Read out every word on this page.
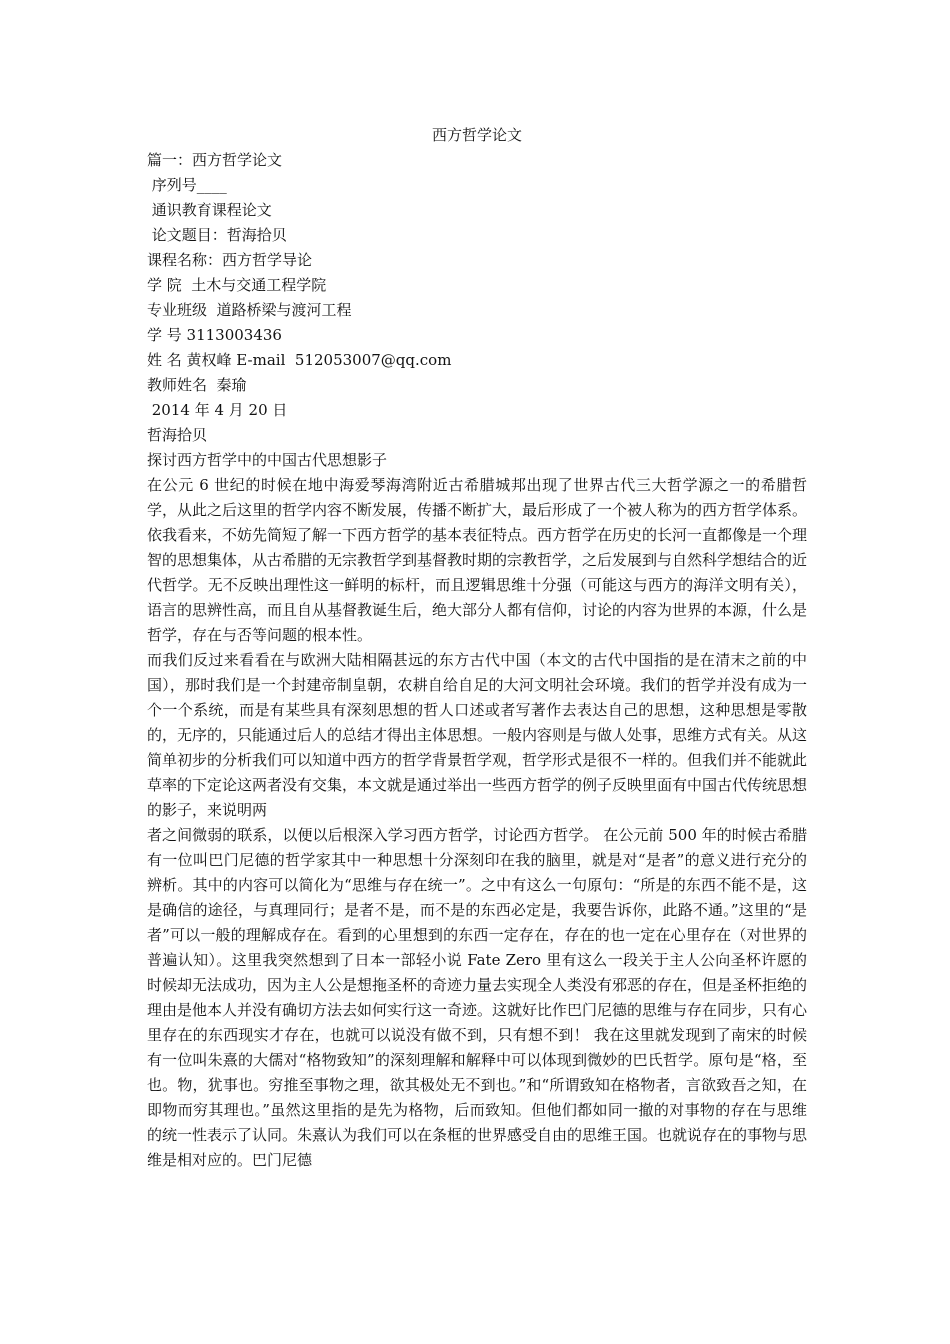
西方哲学论文
篇一：西方哲学论文
序列号____
通识教育课程论文
论文题目：哲海拾贝
课程名称：西方哲学导论
学 院  土木与交通工程学院
专业班级  道路桥梁与渡河工程
学 号 3113003436
姓 名 黄权峰 E-mail  512053007@qq.com
教师姓名  秦瑜
2014 年 4 月 20 日
哲海拾贝
探讨西方哲学中的中国古代思想影子
在公元 6 世纪的时候在地中海爱琴海湾附近古希腊城邦出现了世界古代三大哲学源之一的希腊哲学，从此之后这里的哲学内容不断发展，传播不断扩大，最后形成了一个被人称为的西方哲学体系。依我看来，不妨先简短了解一下西方哲学的基本表征特点。西方哲学在历史的长河一直都像是一个理智的思想集体，从古希腊的无宗教哲学到基督教时期的宗教哲学，之后发展到与自然科学想结合的近代哲学。无不反映出理性这一鲜明的标杆，而且逻辑思维十分强（可能这与西方的海洋文明有关），语言的思辨性高，而且自从基督教诞生后，绝大部分人都有信仰，讨论的内容为世界的本源，什么是哲学，存在与否等问题的根本性。
而我们反过来看看在与欧洲大陆相隔甚远的东方古代中国（本文的古代中国指的是在清末之前的中国），那时我们是一个封建帝制皇朝，农耕自给自足的大河文明社会环境。我们的哲学并没有成为一个一个系统，而是有某些具有深刻思想的哲人口述或者写著作去表达自己的思想，这种思想是零散的，无序的，只能通过后人的总结才得出主体思想。一般内容则是与做人处事，思维方式有关。从这简单初步的分析我们可以知道中西方的哲学背景哲学观，哲学形式是很不一样的。但我们并不能就此草率的下定论这两者没有交集，本文就是通过举出一些西方哲学的例子反映里面有中国古代传统思想的影子，来说明两
者之间微弱的联系，以便以后根深入学习西方哲学，讨论西方哲学。 在公元前 500 年的时候古希腊有一位叫巴门尼德的哲学家其中一种思想十分深刻印在我的脑里，就是对“是者”的意义进行充分的辨析。其中的内容可以简化为“思维与存在统一”。之中有这么一句原句：“所是的东西不能不是，这是确信的途径，与真理同行；是者不是，而不是的东西必定是，我要告诉你，此路不通。”这里的“是者”可以一般的理解成存在。看到的心里想到的东西一定存在，存在的也一定在心里存在（对世界的普遍认知）。这里我突然想到了日本一部轻小说 Fate Zero 里有这么一段关于主人公向圣杯许愿的时候却无法成功，因为主人公是想拖圣杯的奇迹力量去实现全人类没有邪恶的存在，但是圣杯拒绝的理由是他本人并没有确切方法去如何实行这一奇迹。这就好比作巴门尼德的思维与存在同步，只有心里存在的东西现实才存在，也就可以说没有做不到，只有想不到！ 我在这里就发现到了南宋的时候有一位叫朱熹的大儒对“格物致知”的深刻理解和解释中可以体现到微妙的巴氏哲学。原句是“格，至也。物，犹事也。穷推至事物之理，欲其极处无不到也。”和“所谓致知在格物者，言欲致吾之知，在即物而穷其理也。”虽然这里指的是先为格物，后而致知。但他们都如同一撤的对事物的存在与思维的统一性表示了认同。朱熹认为我们可以在条框的世界感受自由的思维王国。也就说存在的事物与思维是相对应的。巴门尼德
